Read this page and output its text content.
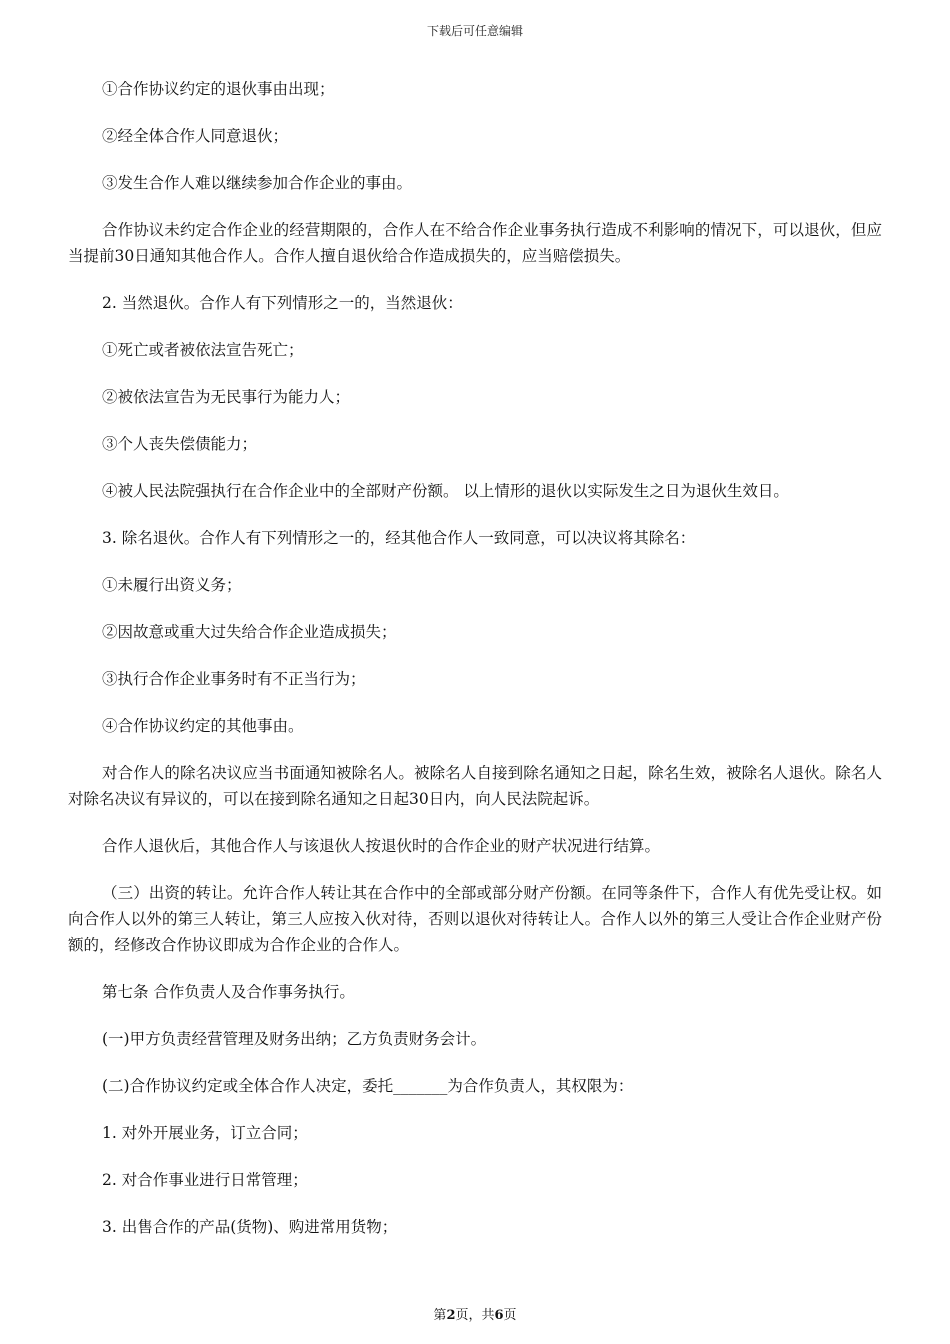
下载后可任意编辑

①合作协议约定的退伙事由出现；

②经全体合作人同意退伙；

③发生合作人难以继续参加合作企业的事由。

合作协议未约定合作企业的经营期限的，合作人在不给合作企业事务执行造成不利影响的情况下，可以退伙，但应当提前30日通知其他合作人。合作人擅自退伙给合作造成损失的，应当赔偿损失。

2. 当然退伙。合作人有下列情形之一的，当然退伙：

①死亡或者被依法宣告死亡；

②被依法宣告为无民事行为能力人；

③个人丧失偿债能力；

④被人民法院强执行在合作企业中的全部财产份额。 以上情形的退伙以实际发生之日为退伙生效日。

3. 除名退伙。合作人有下列情形之一的，经其他合作人一致同意，可以决议将其除名：

①未履行出资义务；

②因故意或重大过失给合作企业造成损失；

③执行合作企业事务时有不正当行为；

④合作协议约定的其他事由。

对合作人的除名决议应当书面通知被除名人。被除名人自接到除名通知之日起，除名生效，被除名人退伙。除名人对除名决议有异议的，可以在接到除名通知之日起30日内，向人民法院起诉。

合作人退伙后，其他合作人与该退伙人按退伙时的合作企业的财产状况进行结算。

（三）出资的转让。允许合作人转让其在合作中的全部或部分财产份额。在同等条件下，合作人有优先受让权。如向合作人以外的第三人转让，第三人应按入伙对待，否则以退伙对待转让人。合作人以外的第三人受让合作企业财产份额的，经修改合作协议即成为合作企业的合作人。

第七条 合作负责人及合作事务执行。

(一)甲方负责经营管理及财务出纳；乙方负责财务会计。

(二)合作协议约定或全体合作人决定，委托_______为合作负责人，其权限为：

1. 对外开展业务，订立合同；

2. 对合作事业进行日常管理；

3. 出售合作的产品(货物)、购进常用货物；

第2页，共6页
